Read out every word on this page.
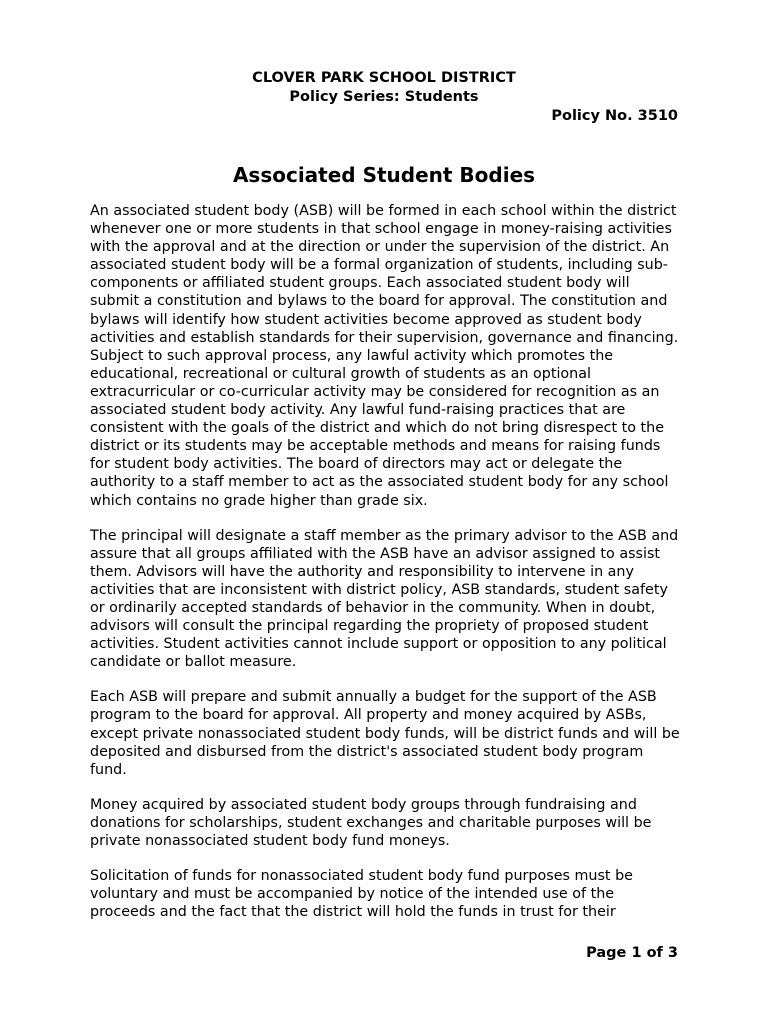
CLOVER PARK SCHOOL DISTRICT
Policy Series: Students
Policy No. 3510
Associated Student Bodies

An associated student body (ASB) will be formed in each school within the district whenever one or more students in that school engage in money-raising activities with the approval and at the direction or under the supervision of the district. An associated student body will be a formal organization of students, including sub-components or affiliated student groups. Each associated student body will submit a constitution and bylaws to the board for approval. The constitution and bylaws will identify how student activities become approved as student body activities and establish standards for their supervision, governance and financing. Subject to such approval process, any lawful activity which promotes the educational, recreational or cultural growth of students as an optional extracurricular or co-curricular activity may be considered for recognition as an associated student body activity. Any lawful fund-raising practices that are consistent with the goals of the district and which do not bring disrespect to the district or its students may be acceptable methods and means for raising funds for student body activities. The board of directors may act or delegate the authority to a staff member to act as the associated student body for any school which contains no grade higher than grade six.

The principal will designate a staff member as the primary advisor to the ASB and assure that all groups affiliated with the ASB have an advisor assigned to assist them. Advisors will have the authority and responsibility to intervene in any activities that are inconsistent with district policy, ASB standards, student safety or ordinarily accepted standards of behavior in the community. When in doubt, advisors will consult the principal regarding the propriety of proposed student activities. Student activities cannot include support or opposition to any political candidate or ballot measure.

Each ASB will prepare and submit annually a budget for the support of the ASB program to the board for approval. All property and money acquired by ASBs, except private nonassociated student body funds, will be district funds and will be deposited and disbursed from the district's associated student body program fund.

Money acquired by associated student body groups through fundraising and donations for scholarships, student exchanges and charitable purposes will be private nonassociated student body fund moneys.

Solicitation of funds for nonassociated student body fund purposes must be voluntary and must be accompanied by notice of the intended use of the proceeds and the fact that the district will hold the funds in trust for their

Page 1 of 3
